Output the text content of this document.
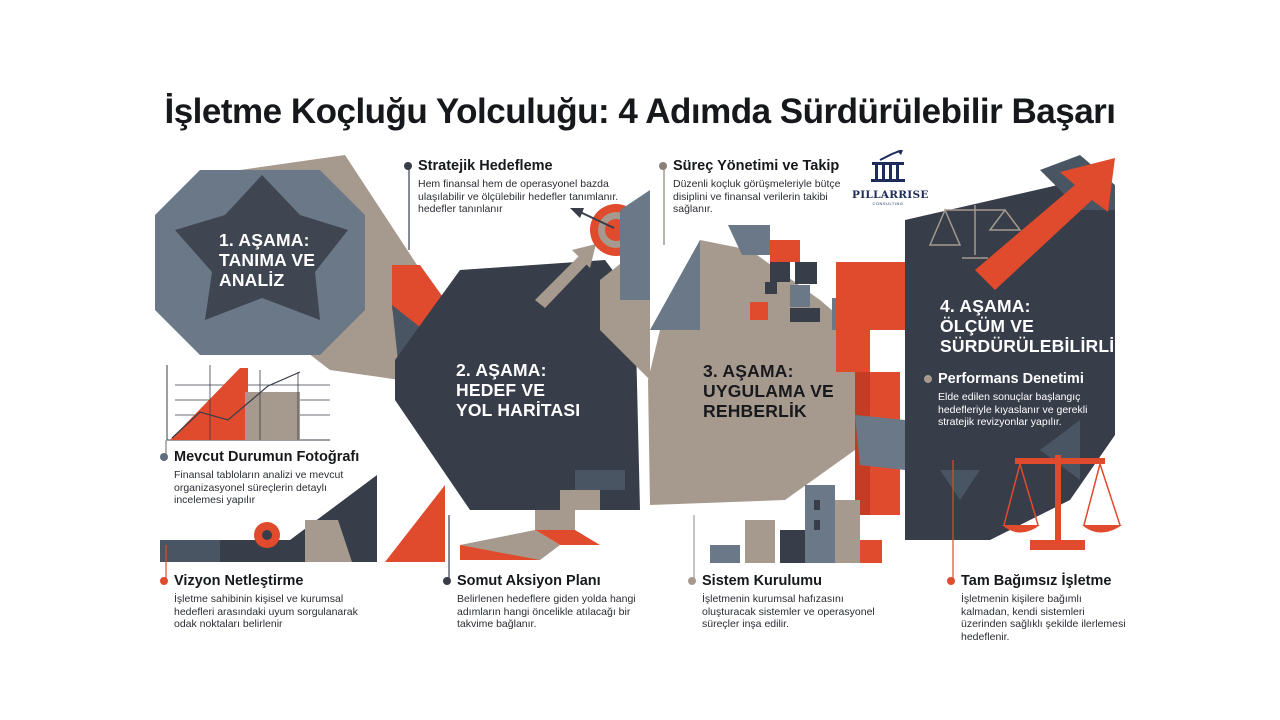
İşletme Koçluğu Yolculuğu: 4 Adımda Sürdürülebilir Başarı
PILLARRISE
CONSULTING
1. AŞAMA:
TANIMA VE
ANALİZ
2. AŞAMA:
HEDEF VE
YOL HARİTASI
3. AŞAMA:
UYGULAMA VE
REHBERLİK
4. AŞAMA:
ÖLÇÜM VE
SÜRDÜRÜLEBİLİRLİK
Stratejik Hedefleme
Hem finansal hem de operasyonel bazda ulaşılabilir ve ölçülebilir hedefler tanımlanır. hedefler tanınlanır
Süreç Yönetimi ve Takip
Düzenli koçluk görüşmeleriyle bütçe disiplini ve finansal verilerin takibi sağlanır.
Mevcut Durumun Fotoğrafı
Finansal tabloların analizi ve mevcut organizasyonel süreçlerin detaylı incelemesi yapılır
Performans Denetimi
Elde edilen sonuçlar başlangıç hedefleriyle kıyaslanır ve gerekli stratejik revizyonlar yapılır.
Vizyon Netleştirme
İşletme sahibinin kişisel ve kurumsal hedefleri arasındaki uyum sorgulanarak odak noktaları belirlenir
Somut Aksiyon Planı
Belirlenen hedeflere giden yolda hangi adımların hangi öncelikle atılacağı bir takvime bağlanır.
Sistem Kurulumu
İşletmenin kurumsal hafızasını oluşturacak sistemler ve operasyonel süreçler inşa edilir.
Tam Bağımsız İşletme
İşletmenin kişilere bağımlı kalmadan, kendi sistemleri üzerinden sağlıklı şekilde ilerlemesi hedeflenir.
